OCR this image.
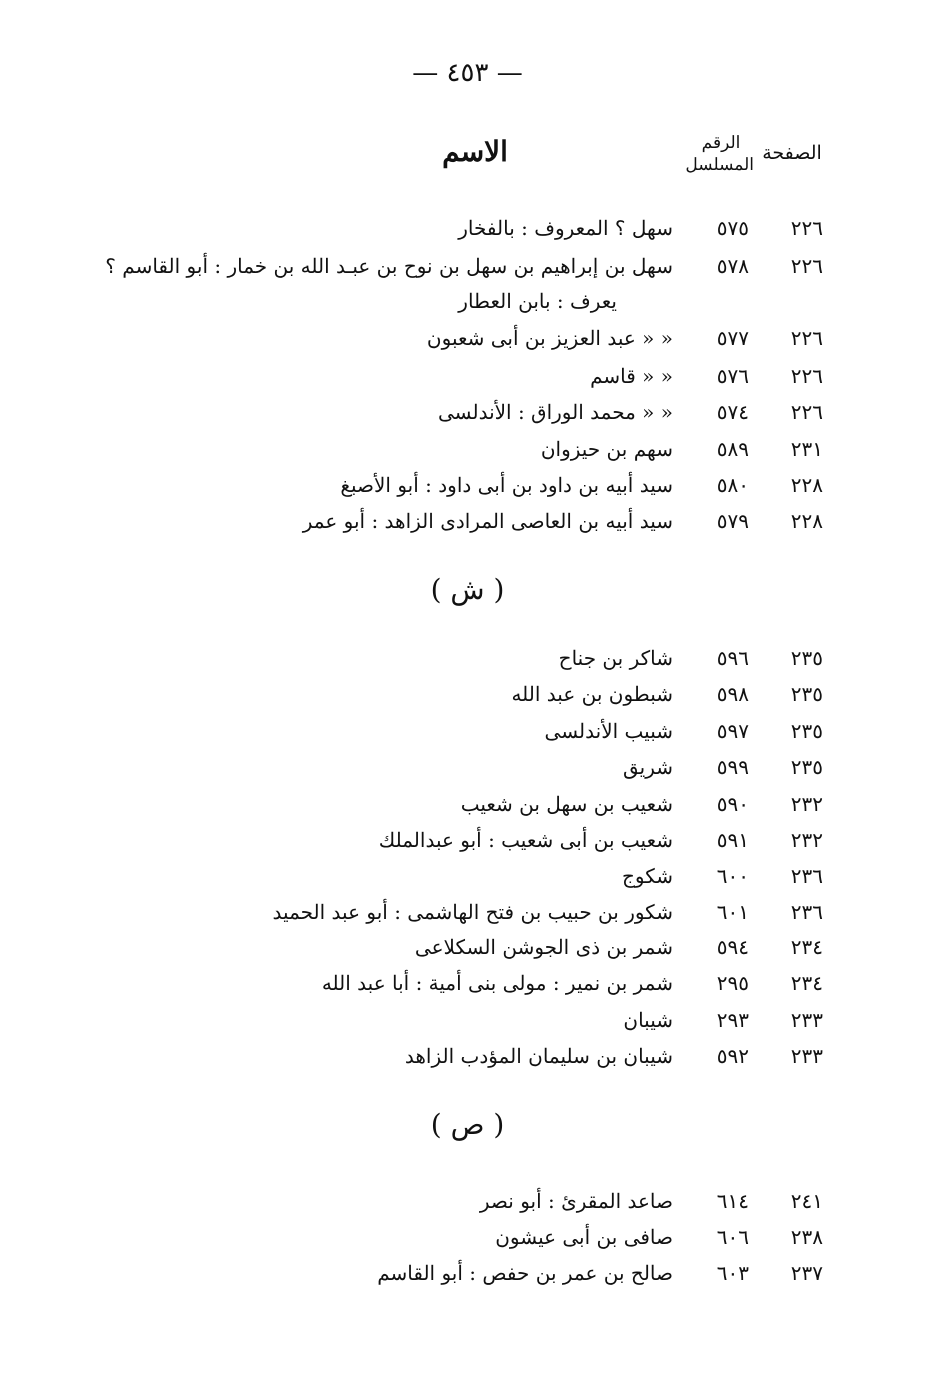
— ٤٥٣ —
الصفحة
الرقم
المسلسل
الاسم
٢٢٦
٥٧٥
سهل ؟ المعروف : بالفخار
٢٢٦
٥٧٨
سهل بن إبراهيم بن سهل بن نوح بن عبـد الله بن خمار : أبو القاسم ؟
يعرف : بابن العطار
٢٢٦
٥٧٧
« « عبد العزيز بن أبى شعبون
٢٢٦
٥٧٦
« « قاسم
٢٢٦
٥٧٤
« « محمد الوراق : الأندلسى
٢٣١
٥٨٩
سهم بن حيزوان
٢٢٨
٥٨٠
سيد أبيه بن داود بن أبى داود : أبو الأصبغ
٢٢٨
٥٧٩
سيد أبيه بن العاصى المرادى الزاهد : أبو عمر
( ش )
٢٣٥
٥٩٦
شاكر بن جناح
٢٣٥
٥٩٨
شبطون بن عبد الله
٢٣٥
٥٩٧
شبيب الأندلسى
٢٣٥
٥٩٩
شريق
٢٣٢
٥٩٠
شعيب بن سهل بن شعيب
٢٣٢
٥٩١
شعيب بن أبى شعيب : أبو عبدالملك
٢٣٦
٦٠٠
شكوج
٢٣٦
٦٠١
شكور بن حبيب بن فتح الهاشمى : أبو عبد الحميد
٢٣٤
٥٩٤
شمر بن ذى الجوشن السكلاعى
٢٣٤
٢٩٥
شمر بن نمير : مولى بنى أمية : أبا عبد الله
٢٣٣
٢٩٣
شيبان
٢٣٣
٥٩٢
شيبان بن سليمان المؤدب الزاهد
( ص )
٢٤١
٦١٤
صاعد المقرئ : أبو نصر
٢٣٨
٦٠٦
صافى بن أبى عيشون
٢٣٧
٦٠٣
صالح بن عمر بن حفص : أبو القاسم
